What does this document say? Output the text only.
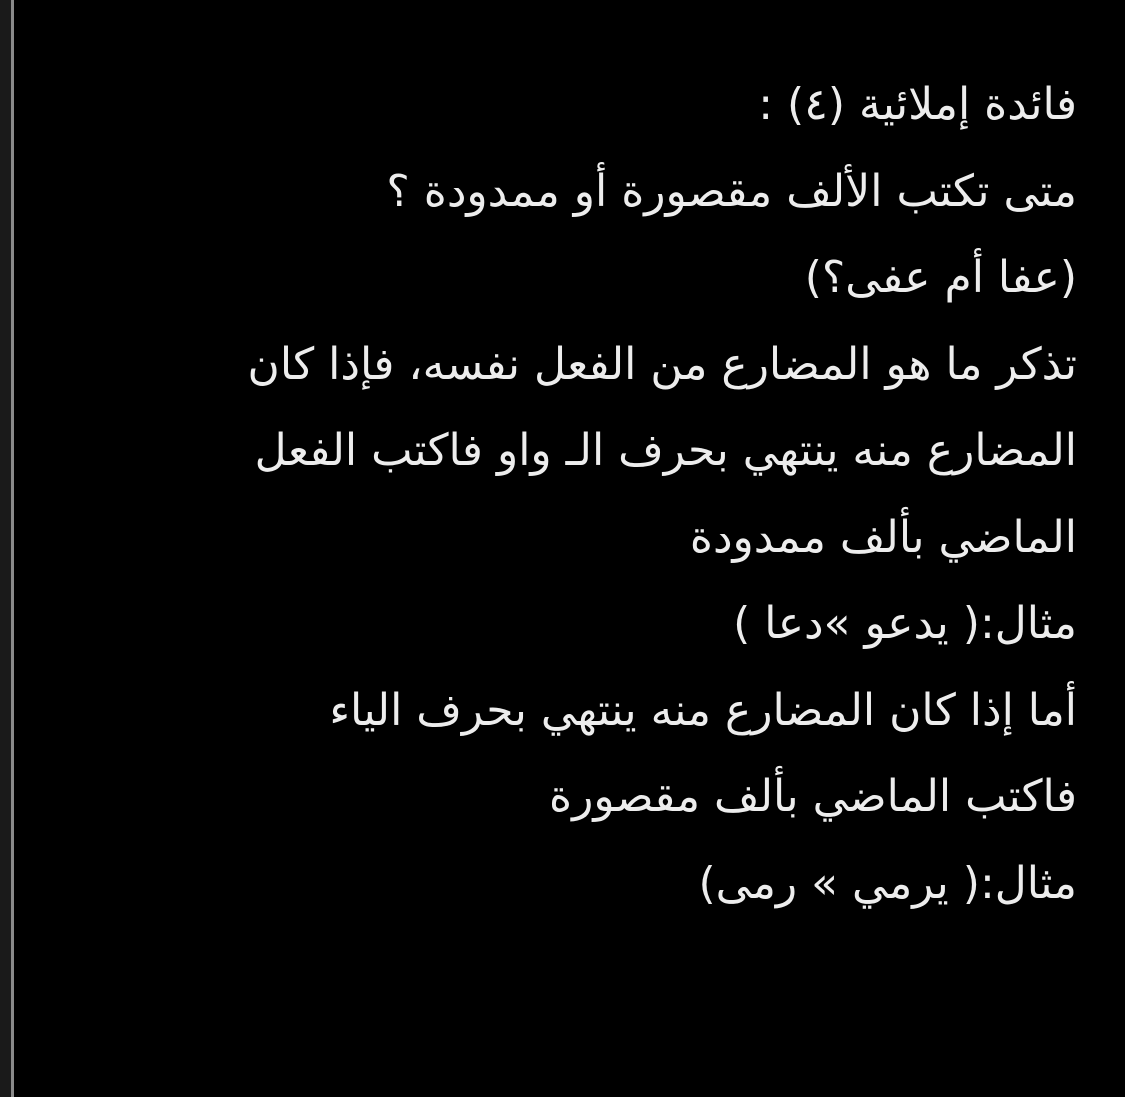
فائدة إملائية (٤) :
متى تكتب الألف مقصورة أو ممدودة ؟
(عفا أم عفى؟)
تذكر ما هو المضارع من الفعل نفسه، فإذا كان
المضارع منه ينتهي بحرف الـ واو فاكتب الفعل
الماضي بألف ممدودة
مثال:( يدعو »دعا )
أما إذا كان المضارع منه ينتهي بحرف الياء
فاكتب الماضي بألف مقصورة
مثال:( يرمي » رمى)
